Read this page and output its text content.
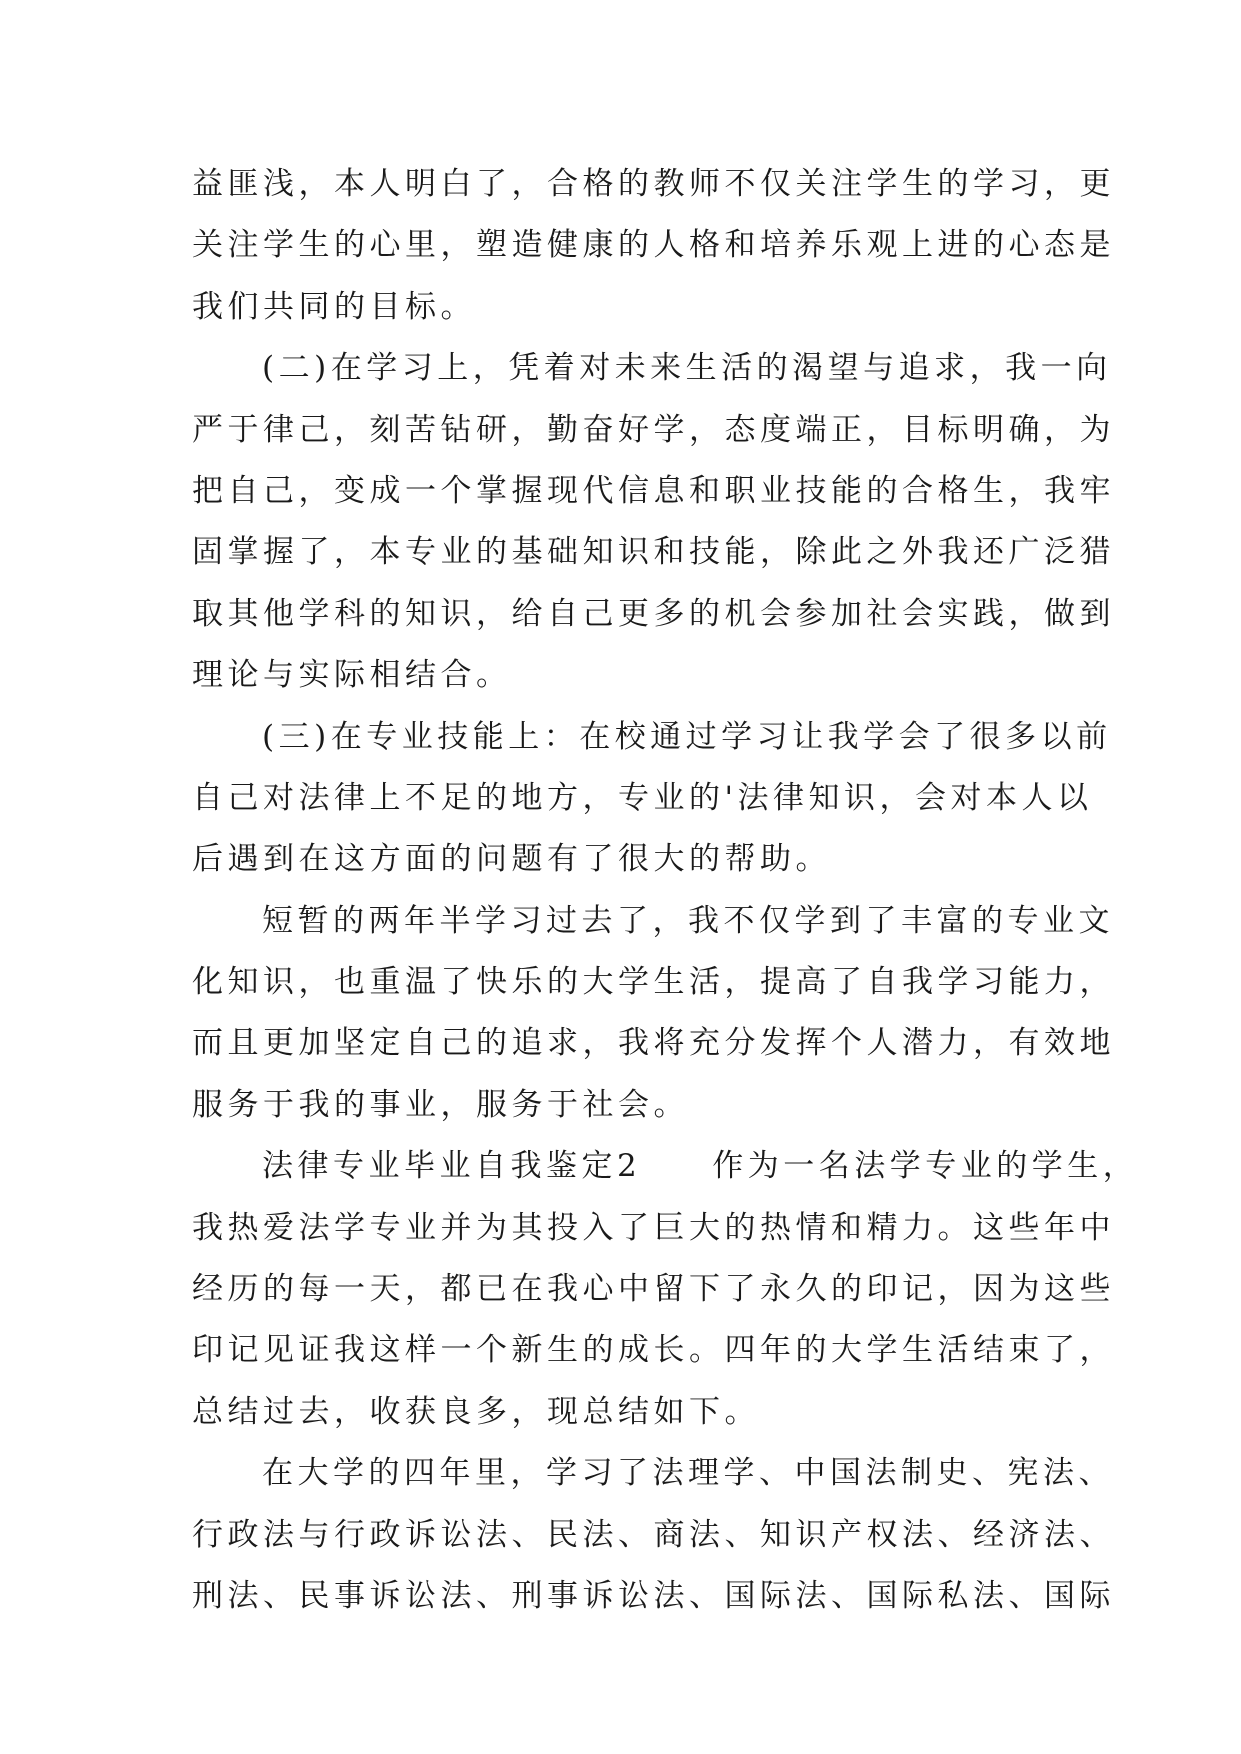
益匪浅，本人明白了，合格的教师不仅关注学生的学习，更
关注学生的心里，塑造健康的人格和培养乐观上进的心态是
我们共同的目标。
(二)在学习上，凭着对未来生活的渴望与追求，我一向
严于律己，刻苦钻研，勤奋好学，态度端正，目标明确，为
把自己，变成一个掌握现代信息和职业技能的合格生，我牢
固掌握了，本专业的基础知识和技能，除此之外我还广泛猎
取其他学科的知识，给自己更多的机会参加社会实践，做到
理论与实际相结合。
(三)在专业技能上：在校通过学习让我学会了很多以前
自己对法律上不足的地方，专业的'法律知识，会对本人以
后遇到在这方面的问题有了很大的帮助。
短暂的两年半学习过去了，我不仅学到了丰富的专业文
化知识，也重温了快乐的大学生活，提高了自我学习能力，
而且更加坚定自己的追求，我将充分发挥个人潜力，有效地
服务于我的事业，服务于社会。
法律专业毕业自我鉴定2　　作为一名法学专业的学生，
我热爱法学专业并为其投入了巨大的热情和精力。这些年中
经历的每一天，都已在我心中留下了永久的印记，因为这些
印记见证我这样一个新生的成长。四年的大学生活结束了，
总结过去，收获良多，现总结如下。
在大学的四年里，学习了法理学、中国法制史、宪法、
行政法与行政诉讼法、民法、商法、知识产权法、经济法、
刑法、民事诉讼法、刑事诉讼法、国际法、国际私法、国际
